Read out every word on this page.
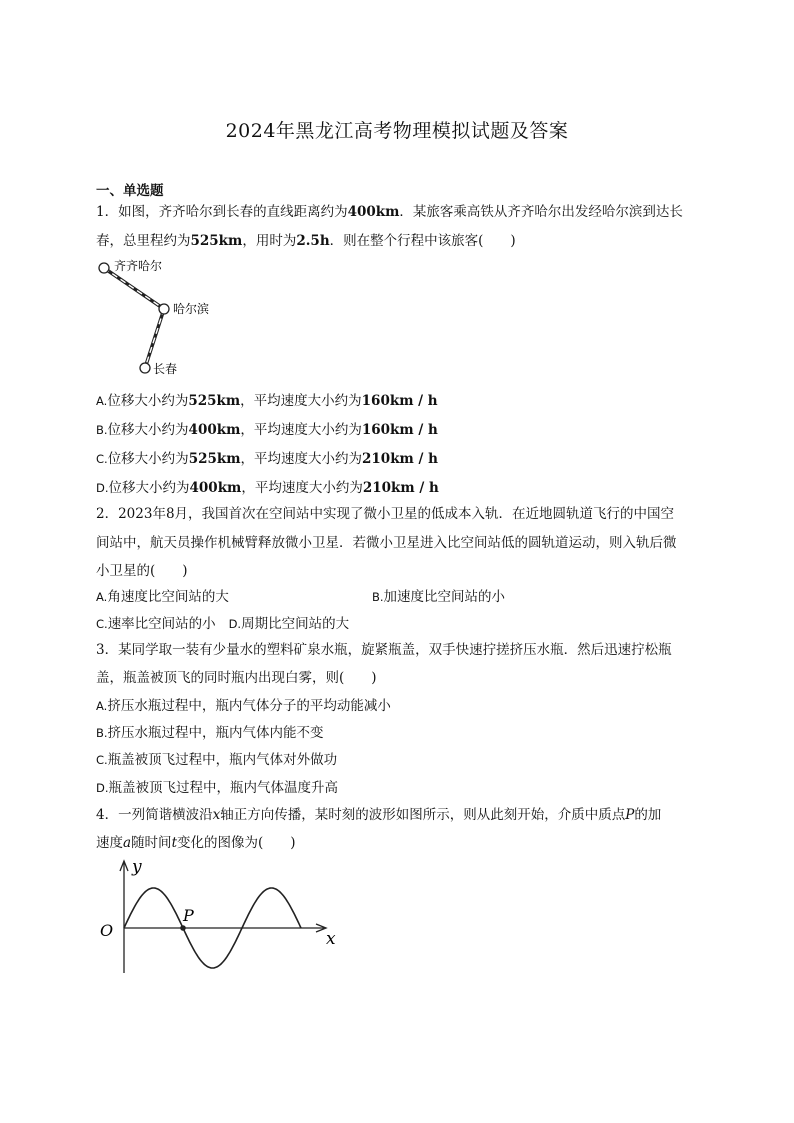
2024年黑龙江高考物理模拟试题及答案
一、单选题
1．如图，齐齐哈尔到长春的直线距离约为400km．某旅客乘高铁从齐齐哈尔出发经哈尔滨到达长
春，总里程约为525km，用时为2.5h．则在整个行程中该旅客(　　)
齐齐哈尔
哈尔滨
长春
A.位移大小约为525km，平均速度大小约为160km / h
B.位移大小约为400km，平均速度大小约为160km / h
C.位移大小约为525km，平均速度大小约为210km / h
D.位移大小约为400km，平均速度大小约为210km / h
2．2023年8月，我国首次在空间站中实现了微小卫星的低成本入轨．在近地圆轨道飞行的中国空
间站中，航天员操作机械臂释放微小卫星．若微小卫星进入比空间站低的圆轨道运动，则入轨后微
小卫星的(　　)
A.角速度比空间站的大	B.加速度比空间站的小
C.速率比空间站的小 D.周期比空间站的大
3．某同学取一装有少量水的塑料矿泉水瓶，旋紧瓶盖，双手快速拧搓挤压水瓶．然后迅速拧松瓶
盖，瓶盖被顶飞的同时瓶内出现白雾，则(　　)
A.挤压水瓶过程中，瓶内气体分子的平均动能减小
B.挤压水瓶过程中，瓶内气体内能不变
C.瓶盖被顶飞过程中，瓶内气体对外做功
D.瓶盖被顶飞过程中，瓶内气体温度升高
4．一列简谐横波沿x轴正方向传播，某时刻的波形如图所示，则从此刻开始，介质中质点P的加
速度a随时间t变化的图像为(　　)
y
x
O
P
